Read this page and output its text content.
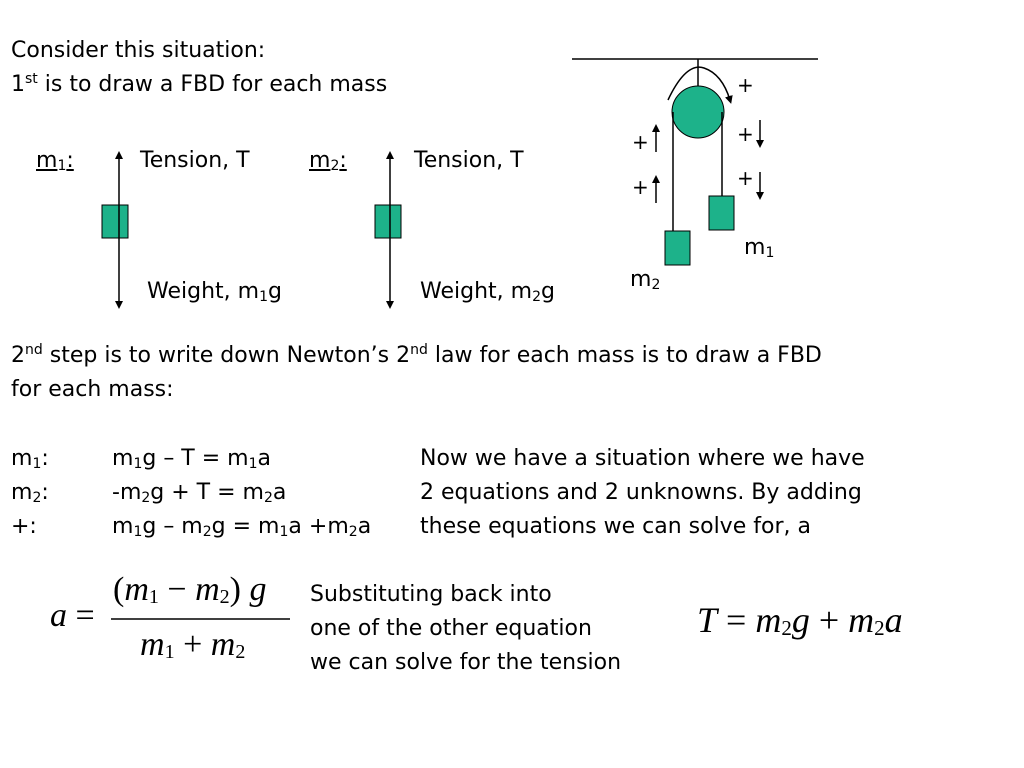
Consider this situation:
1st is to draw a FBD for each mass
$m_1$:	Tension, T
Weight, $m_1g$
$m_2$:	Tension, T
Weight, $m_2g$
+
+
+
+
+
$m_1$
$m_2$
2nd step is to write down Newton’s 2nd law for each mass is to draw a FBD
for each mass:
$m_1$:
$m_2$:
+:
$m_1g - T = m_1a$
$-m_2g + T = m_2a$
$m_1g - m_2g = m_1a +m_2a$
Now we have a situation where we have
2 equations and 2 unknowns. By adding
these equations we can solve for, a
Substituting back into
one of the other equation
we can solve for the tension
a =
$(m_1 - m_2)$ g
$m_1 + m_2$
$T = m_2g + m_2a$
